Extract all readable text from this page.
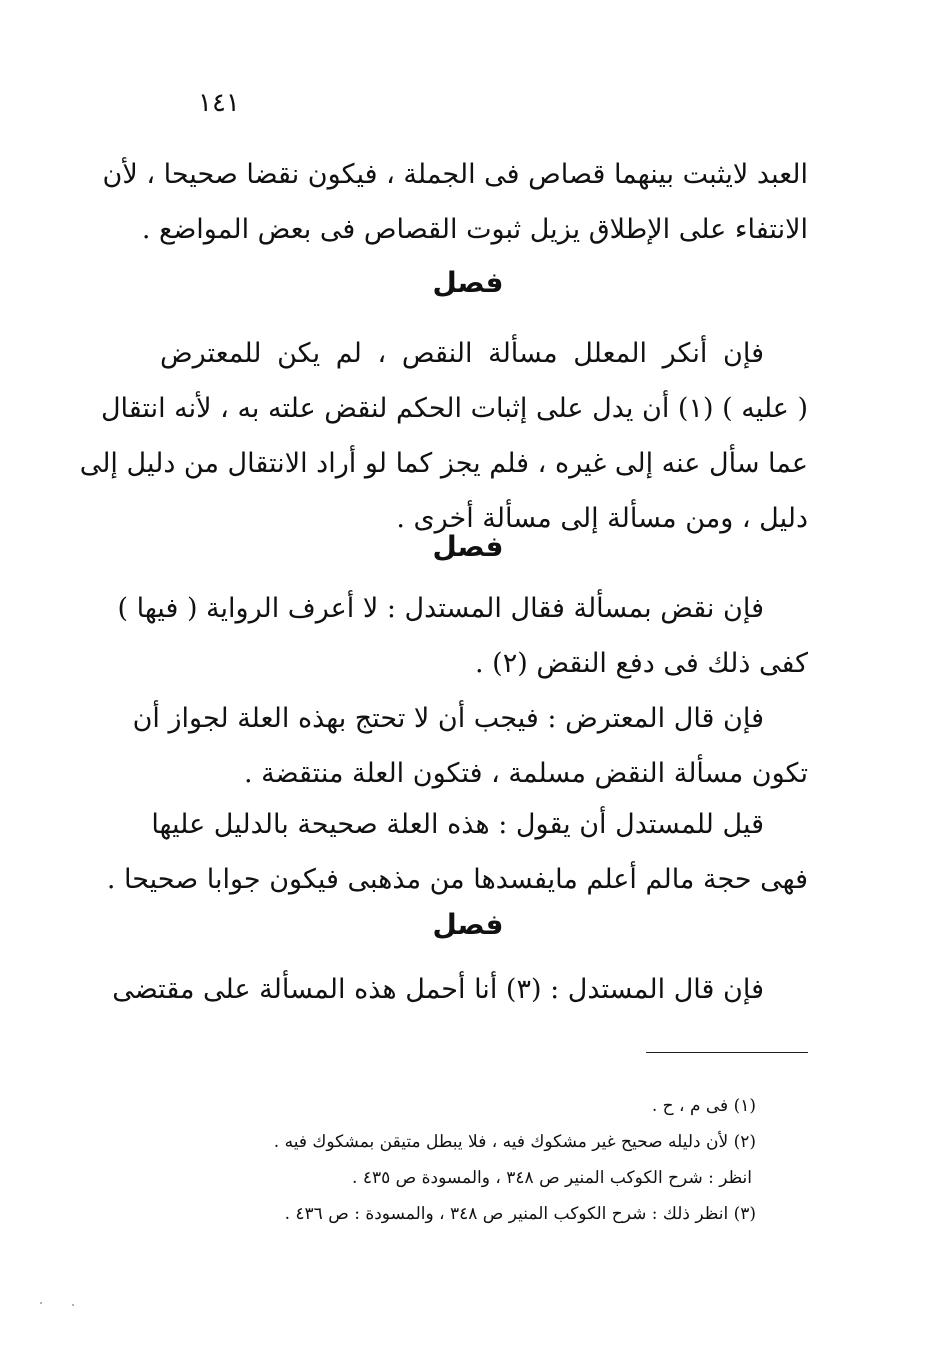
١٤١
العبد لايثبت بينهما قصاص فى الجملة ، فيكون نقضا صحيحا ، لأن
الانتفاء على الإطلاق يزيل ثبوت القصاص فى بعض المواضع .
فصل
فإن أنكر المعلل مسألة النقص ، لم يكن للمعترض
( عليه ) (١) أن يدل على إثبات الحكم لنقض علته به ، لأنه انتقال
عما سأل عنه إلى غيره ، فلم يجز كما لو أراد الانتقال من دليل إلى
دليل ، ومن مسألة إلى مسألة أخرى .
فصل
فإن نقض بمسألة فقال المستدل : لا أعرف الرواية ( فيها )
كفى ذلك فى دفع النقض (٢) .
فإن قال المعترض : فيجب أن لا تحتج بهذه العلة لجواز أن
تكون مسألة النقض مسلمة ، فتكون العلة منتقضة .
قيل للمستدل أن يقول : هذه العلة صحيحة بالدليل عليها
فهى حجة مالم أعلم مايفسدها من مذهبى فيكون جوابا صحيحا .
فصل
فإن قال المستدل : (٣) أنا أحمل هذه المسألة على مقتضى
(١) فى م ، ح .
(٢) لأن دليله صحيح غير مشكوك فيه ، فلا يبطل متيقن بمشكوك فيه .
انظر : شرح الكوكب المنير ص ٣٤٨ ، والمسودة ص ٤٣٥ .
(٣) انظر ذلك : شرح الكوكب المنير ص ٣٤٨ ، والمسودة : ص ٤٣٦ .
